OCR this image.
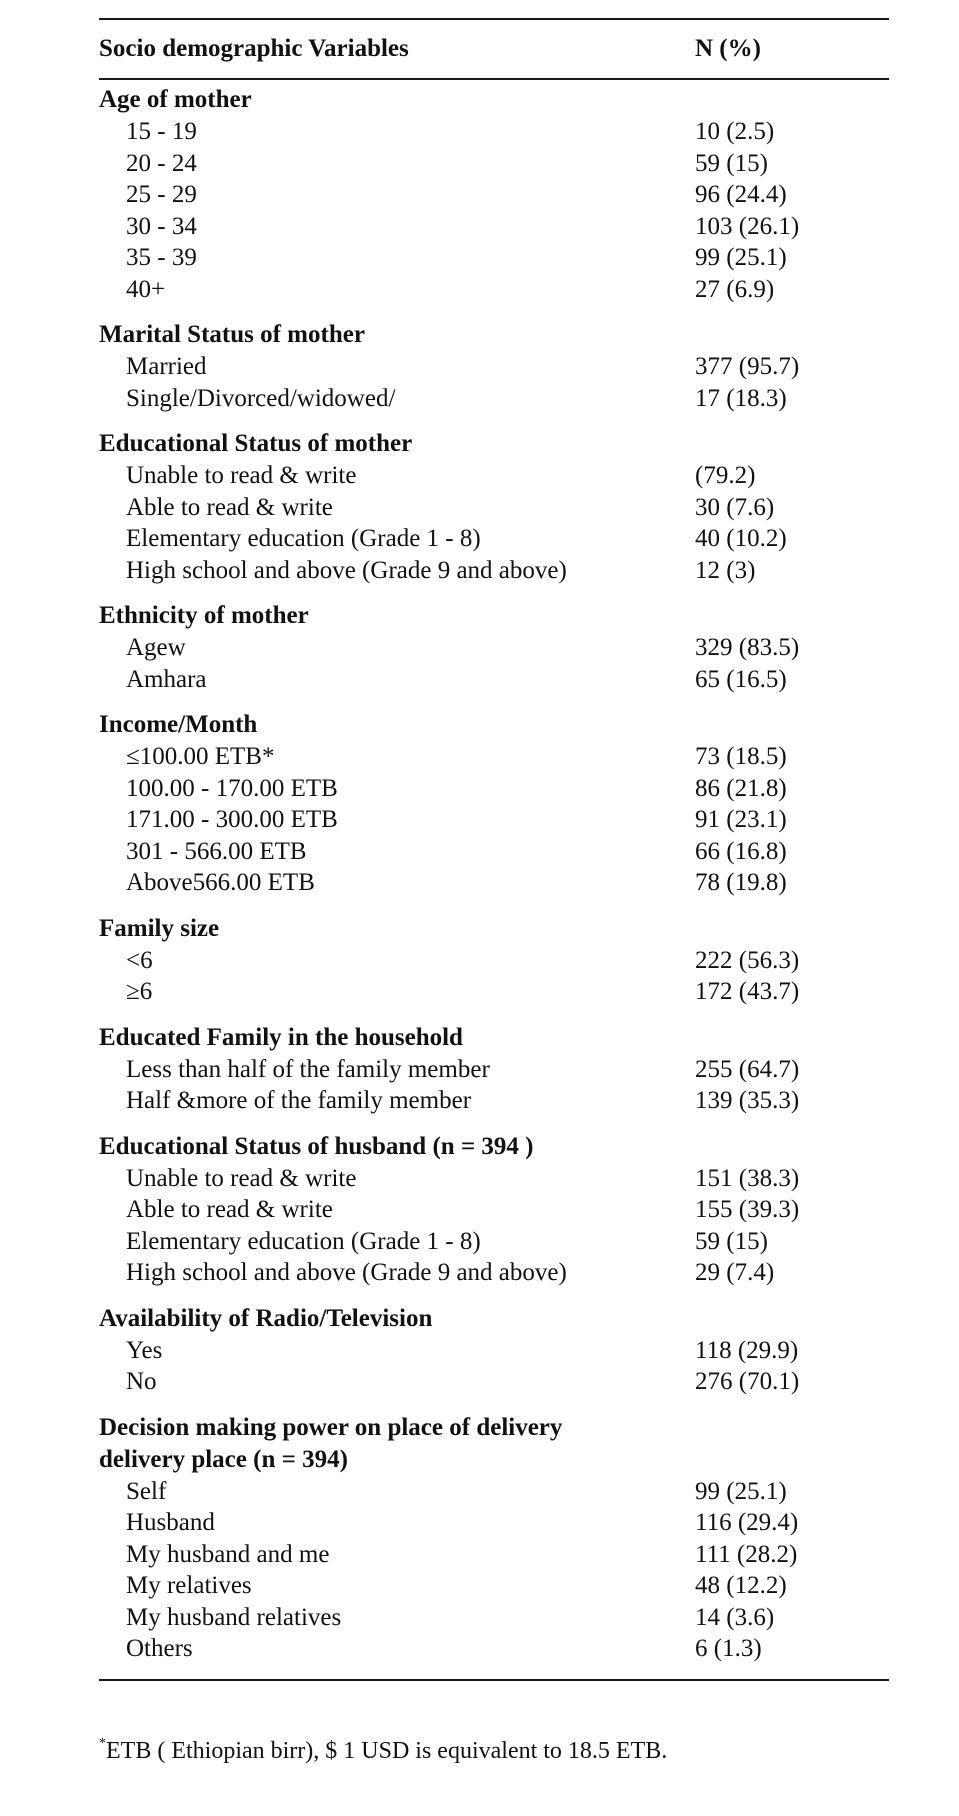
Socio demographic Variables	N (%)
Age of mother
15 - 19	10 (2.5)
20 - 24	59 (15)
25 - 29	96 (24.4)
30 - 34	103 (26.1)
35 - 39	99 (25.1)
40+	27 (6.9)
Marital Status of mother
Married	377 (95.7)
Single/Divorced/widowed/	17 (18.3)
Educational Status of mother
Unable to read & write	(79.2)
Able to read & write	30 (7.6)
Elementary education (Grade 1 - 8)	40 (10.2)
High school and above (Grade 9 and above)	12 (3)
Ethnicity of mother
Agew	329 (83.5)
Amhara	65 (16.5)
Income/Month
≤100.00 ETB*	73 (18.5)
100.00 - 170.00 ETB	86 (21.8)
171.00 - 300.00 ETB	91 (23.1)
301 - 566.00 ETB	66 (16.8)
Above566.00 ETB	78 (19.8)
Family size
<6	222 (56.3)
≥6	172 (43.7)
Educated Family in the household
Less than half of the family member	255 (64.7)
Half &more of the family member	139 (35.3)
Educational Status of husband (n = 394 )
Unable to read & write	151 (38.3)
Able to read & write	155 (39.3)
Elementary education (Grade 1 - 8)	59 (15)
High school and above (Grade 9 and above)	29 (7.4)
Availability of Radio/Television
Yes	118 (29.9)
No	276 (70.1)
Decision making power on place of delivery
delivery place (n = 394)
Self	99 (25.1)
Husband	116 (29.4)
My husband and me	111 (28.2)
My relatives	48 (12.2)
My husband relatives	14 (3.6)
Others	6 (1.3)
*ETB ( Ethiopian birr), $ 1 USD is equivalent to 18.5 ETB.
